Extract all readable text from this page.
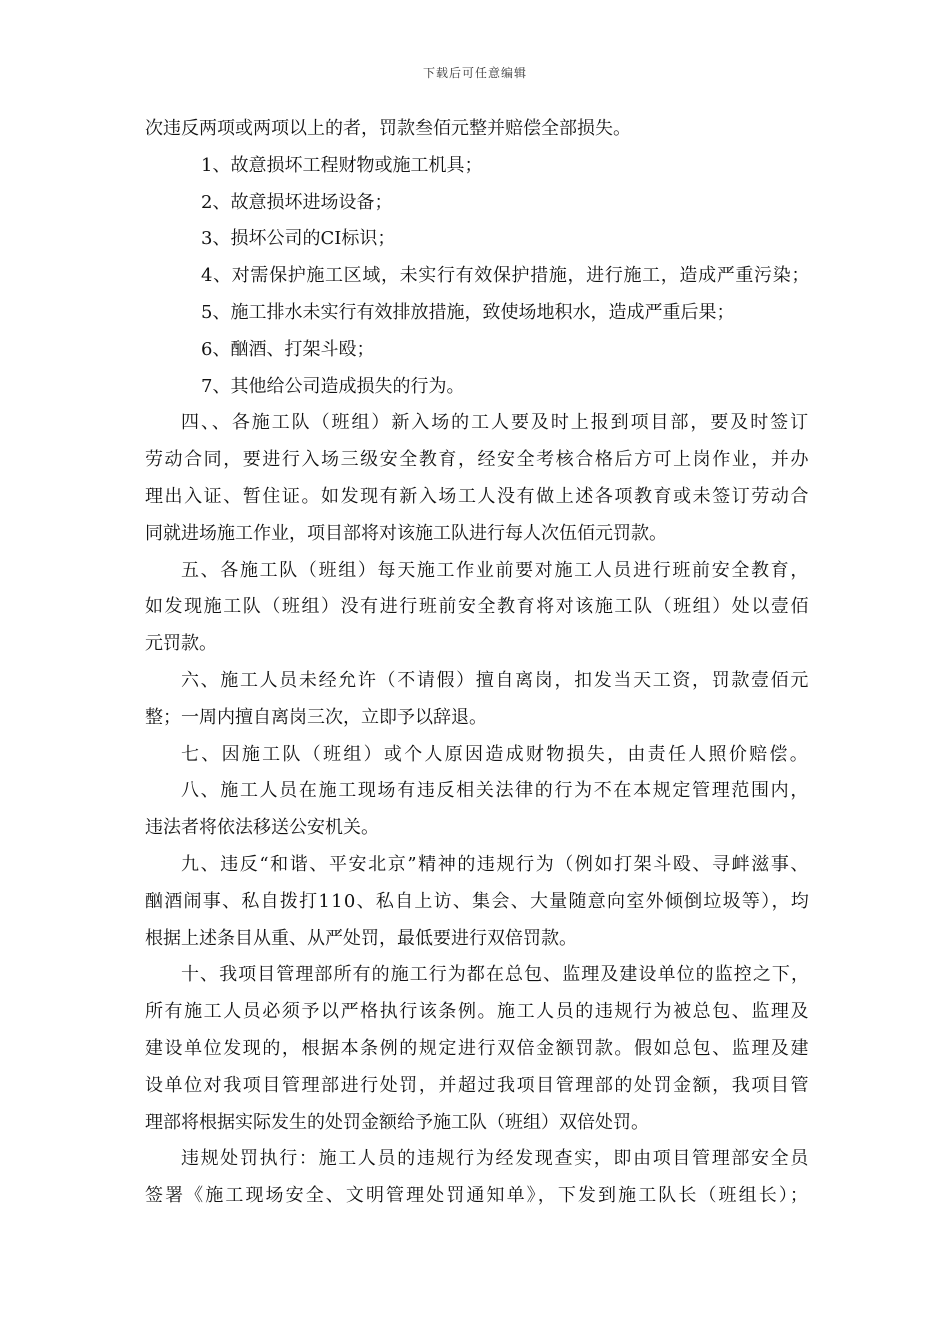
下载后可任意编辑
次违反两项或两项以上的者，罚款叁佰元整并赔偿全部损失。
1、故意损坏工程财物或施工机具；
2、故意损坏进场设备；
3、损坏公司的CI标识；
4、对需保护施工区域，未实行有效保护措施，进行施工，造成严重污染；
5、施工排水未实行有效排放措施，致使场地积水，造成严重后果；
6、酗酒、打架斗殴；
7、其他给公司造成损失的行为。
四、、各施工队（班组）新入场的工人要及时上报到项目部，要及时签订
劳动合同，要进行入场三级安全教育，经安全考核合格后方可上岗作业，并办
理出入证、暂住证。如发现有新入场工人没有做上述各项教育或未签订劳动合
同就进场施工作业，项目部将对该施工队进行每人次伍佰元罚款。
五、各施工队（班组）每天施工作业前要对施工人员进行班前安全教育，
如发现施工队（班组）没有进行班前安全教育将对该施工队（班组）处以壹佰
元罚款。
六、施工人员未经允许（不请假）擅自离岗，扣发当天工资，罚款壹佰元
整；一周内擅自离岗三次，立即予以辞退。
七、因施工队（班组）或个人原因造成财物损失，由责任人照价赔偿。
八、施工人员在施工现场有违反相关法律的行为不在本规定管理范围内，
违法者将依法移送公安机关。
九、违反“和谐、平安北京”精神的违规行为（例如打架斗殴、寻衅滋事、
酗酒闹事、私自拨打110、私自上访、集会、大量随意向室外倾倒垃圾等），均
根据上述条目从重、从严处罚，最低要进行双倍罚款。
十、我项目管理部所有的施工行为都在总包、监理及建设单位的监控之下，
所有施工人员必须予以严格执行该条例。施工人员的违规行为被总包、监理及
建设单位发现的，根据本条例的规定进行双倍金额罚款。假如总包、监理及建
设单位对我项目管理部进行处罚，并超过我项目管理部的处罚金额，我项目管
理部将根据实际发生的处罚金额给予施工队（班组）双倍处罚。
违规处罚执行：施工人员的违规行为经发现查实，即由项目管理部安全员
签署《施工现场安全、文明管理处罚通知单》，下发到施工队长（班组长）；
